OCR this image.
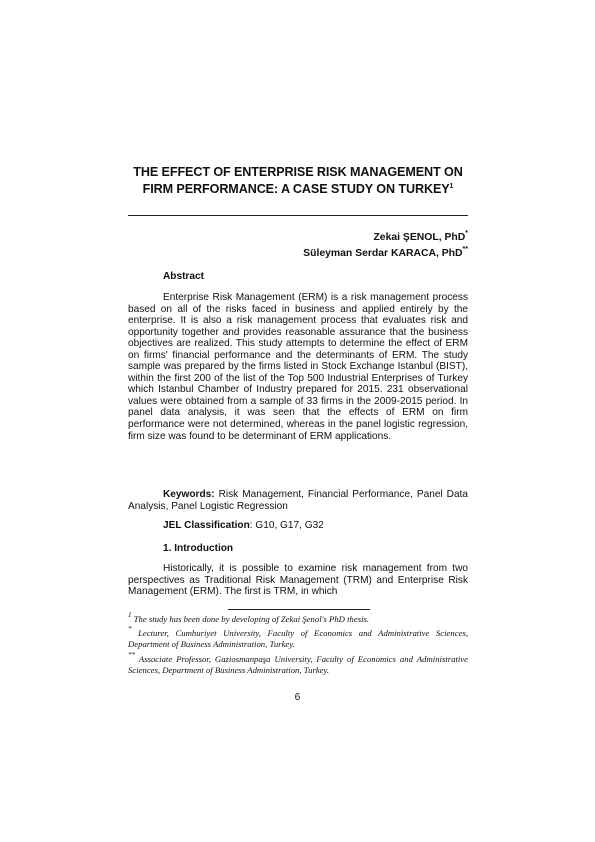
THE EFFECT OF ENTERPRISE RISK MANAGEMENT ON FIRM PERFORMANCE: A CASE STUDY ON TURKEY$^1$
Zekai ŞENOL, PhD*
Süleyman Serdar KARACA, PhD**
Abstract
Enterprise Risk Management (ERM) is a risk management process based on all of the risks faced in business and applied entirely by the enterprise. It is also a risk management process that evaluates risk and opportunity together and provides reasonable assurance that the business objectives are realized. This study attempts to determine the effect of ERM on firms' financial performance and the determinants of ERM. The study sample was prepared by the firms listed in Stock Exchange Istanbul (BIST), within the first 200 of the list of the Top 500 Industrial Enterprises of Turkey which Istanbul Chamber of Industry prepared for 2015. 231 observational values were obtained from a sample of 33 firms in the 2009-2015 period. In panel data analysis, it was seen that the effects of ERM on firm performance were not determined, whereas in the panel logistic regression, firm size was found to be determinant of ERM applications.
Keywords: Risk Management, Financial Performance, Panel Data Analysis, Panel Logistic Regression
JEL Classification: G10, G17, G32
1. Introduction
Historically, it is possible to examine risk management from two perspectives as Traditional Risk Management (TRM) and Enterprise Risk Management (ERM). The first is TRM, in which
$^1$ The study has been done by developing of Zekai Şenol's PhD thesis.
* Lecturer, Cumhuriyet University, Faculty of Economics and Administrative Sciences, Department of Business Administration, Turkey.
** Associate Professor, Gaziosmanpaşa University, Faculty of Economics and Administrative Sciences, Department of Business Administration, Turkey.
6
